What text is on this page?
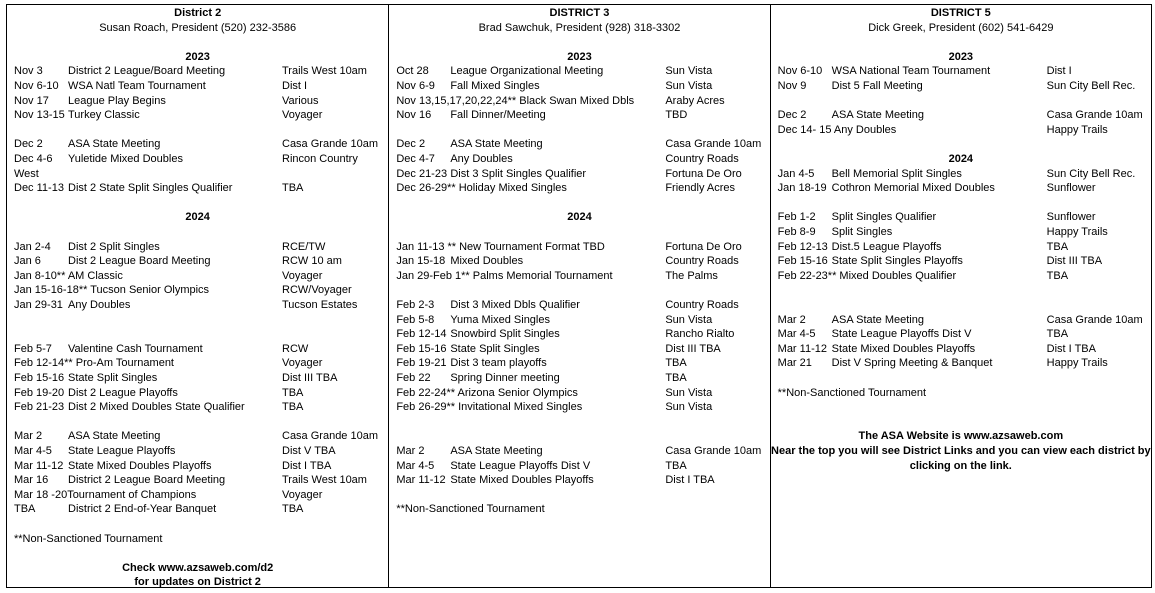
District 2
Susan Roach, President (520) 232-3586
2023
2024
Nov 3 District 2 League/Board Meeting	Trails West 10am
Nov 6-10 WSA Natl Team Tournament	Dist I
Nov 17 League Play Begins	Various
Nov 13-15 Turkey Classic	Voyager
Dec 2 ASA State Meeting	Casa Grande 10am
Dec 4-6 Yuletide Mixed Doubles	Rincon Country
West
Dec 11-13 Dist 2 State Split Singles Qualifier	TBA
Jan 2-4 Dist 2 Split Singles	RCE/TW
Jan 6 Dist 2 League Board Meeting	RCW 10 am
Jan 8-10** AM Classic	Voyager
Jan 15-16-18** Tucson Senior Olympics	RCW/Voyager
Jan 29-31 Any Doubles	Tucson Estates
Feb 5-7 Valentine Cash Tournament	RCW
Feb 12-14** Pro-Am Tournament	Voyager
Feb 15-16 State Split Singles	Dist III TBA
Feb 19-20 Dist 2 League Playoffs	TBA
Feb 21-23 Dist 2 Mixed Doubles State Qualifier	TBA
Mar 2 ASA State Meeting	Casa Grande 10am
Mar 4-5 State League Playoffs	Dist V TBA
Mar 11-12 State Mixed Doubles Playoffs	Dist I TBA
Mar 16 District 2 League Board Meeting	Trails West 10am
Mar 18 -20Tournament of Champions	Voyager
TBA	District 2 End-of-Year Banquet	TBA
**Non-Sanctioned Tournament
Check www.azsaweb.com/d2
for updates on District 2
DISTRICT 3
Brad Sawchuk, President (928) 318-3302
2023
2024
Oct 28 League Organizational Meeting	Sun Vista
Nov 6-9 Fall Mixed Singles	Sun Vista
Nov 13,15,17,20,22,24** Black Swan Mixed Dbls	Araby Acres
Nov 16 Fall Dinner/Meeting	TBD
Dec 2 ASA State Meeting	Casa Grande 10am
Dec 4-7 Any Doubles	Country Roads
Dec 21-23 Dist 3 Split Singles Qualifier	Fortuna De Oro
Dec 26-29** Holiday Mixed Singles	Friendly Acres
Jan 11-13 ** New Tournament Format TBD	Fortuna De Oro
Jan 15-18 Mixed Doubles	Country Roads
Jan 29-Feb 1** Palms Memorial Tournament	The Palms
Feb 2-3 Dist 3 Mixed Dbls Qualifier	Country Roads
Feb 5-8 Yuma Mixed Singles	Sun Vista
Feb 12-14 Snowbird Split Singles	Rancho Rialto
Feb 15-16 State Split Singles	Dist III TBA
Feb 19-21 Dist 3 team playoffs	TBA
Feb 22 Spring Dinner meeting	TBA
Feb 22-24** Arizona Senior Olympics	Sun Vista
Feb 26-29** Invitational Mixed Singles	Sun Vista
Mar 2 ASA State Meeting	Casa Grande 10am
Mar 4-5 State League Playoffs Dist V	TBA
Mar 11-12 State Mixed Doubles Playoffs	Dist I TBA
**Non-Sanctioned Tournament
DISTRICT 5
Dick Greek, President (602) 541-6429
2023
2024
Nov 6-10 WSA National Team Tournament	Dist I
Nov 9 Dist 5 Fall Meeting	Sun City Bell Rec.
Dec 2 ASA State Meeting	Casa Grande 10am
Dec 14- 15 Any Doubles	Happy Trails
Jan 4-5 Bell Memorial Split Singles	Sun City Bell Rec.
Jan 18-19 Cothron Memorial Mixed Doubles	Sunflower
Feb 1-2 Split Singles Qualifier	Sunflower
Feb 8-9 Split Singles	Happy Trails
Feb 12-13 Dist.5 League Playoffs	TBA
Feb 15-16 State Split Singles Playoffs	Dist III TBA
Feb 22-23** Mixed Doubles Qualifier	TBA
Mar 2 ASA State Meeting	Casa Grande 10am
Mar 4-5 State League Playoffs Dist V	TBA
Mar 11-12 State Mixed Doubles Playoffs	Dist I TBA
Mar 21 Dist V Spring Meeting & Banquet	Happy Trails
**Non-Sanctioned Tournament
The ASA Website is www.azsaweb.com
Near the top you will see District Links and you can view each district by
clicking on the link.
